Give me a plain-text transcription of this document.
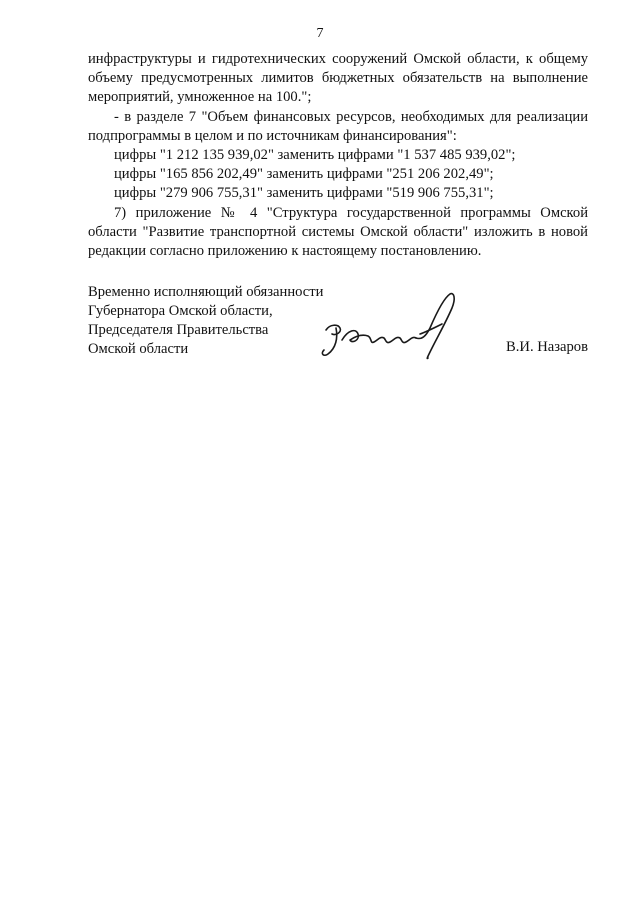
7

инфраструктуры и гидротехнических сооружений Омской области, к общему объему предусмотренных лимитов бюджетных обязательств на выполнение мероприятий, умноженное на 100.";

- в разделе 7 "Объем финансовых ресурсов, необходимых для реализации подпрограммы в целом и по источникам финансирования":

цифры "1 212 135 939,02" заменить цифрами "1 537 485 939,02";

цифры "165 856 202,49" заменить цифрами "251 206 202,49";

цифры "279 906 755,31" заменить цифрами "519 906 755,31";

7) приложение № 4 "Структура государственной программы Омской области "Развитие транспортной системы Омской области" изложить в новой редакции согласно приложению к настоящему постановлению.

Временно исполняющий обязанности
Губернатора Омской области,
Председателя Правительства
Омской области	В.И. Назаров
